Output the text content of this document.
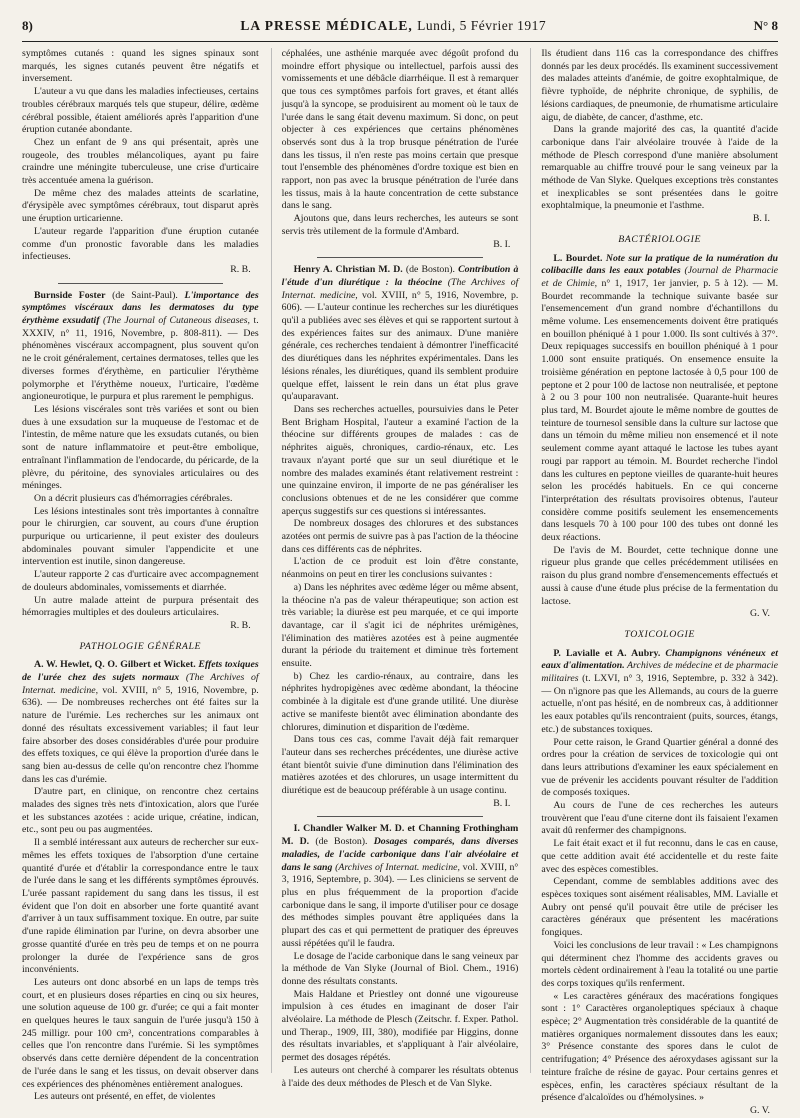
8)	LA PRESSE MÉDICALE, Lundi, 5 Février 1917	N° 8

symptômes cutanés : quand les signes spinaux sont marqués, les signes cutanés peuvent être négatifs et inversement.

L'auteur a vu que dans les maladies infectieuses, certains troubles cérébraux marqués tels que stupeur, délire, œdème cérébral possible, étaient améliorés après l'apparition d'une éruption cutanée abondante.

Chez un enfant de 9 ans qui présentait, après une rougeole, des troubles mélancoliques, ayant pu faire craindre une méningite tuberculeuse, une crise d'urticaire très accentuée amena la guérison.

De même chez des malades atteints de scarlatine, d'érysipèle avec symptômes cérébraux, tout disparut après une éruption urticarienne.

L'auteur regarde l'apparition d'une éruption cutanée comme d'un pronostic favorable dans les maladies infectieuses.

R. B.

Burnside Foster (de Saint-Paul). L'importance des symptômes viscéraux dans les dermatoses du type érythème exsudatif (The Journal of Cutaneous diseases, t. XXXIV, n° 11, 1916, Novembre, p. 808-811). — Des phénomènes viscéraux accompagnent, plus souvent qu'on ne le croit généralement, certaines dermatoses, telles que les diverses formes d'érythème, en particulier l'érythème polymorphe et l'érythème noueux, l'urticaire, l'œdème angioneurotique, le purpura et plus rarement le pemphigus.

Les lésions viscérales sont très variées et sont ou bien dues à une exsudation sur la muqueuse de l'estomac et de l'intestin, de même nature que les exsudats cutanés, ou bien sont de nature inflammatoire et peut-être embolique, entraînant l'inflammation de l'endocarde, du péricarde, de la plèvre, du péritoine, des synoviales articulaires ou des méninges.

On a décrit plusieurs cas d'hémorragies cérébrales.

Les lésions intestinales sont très importantes à connaître pour le chirurgien, car souvent, au cours d'une éruption purpurique ou urticarienne, il peut exister des douleurs abdominales pouvant simuler l'appendicite et une intervention est inutile, sinon dangereuse.

L'auteur rapporte 2 cas d'urticaire avec accompagnement de douleurs abdominales, vomissements et diarrhée.

Un autre malade atteint de purpura présentait des hémorragies multiples et des douleurs articulaires.

R. B.
PATHOLOGIE GÉNÉRALE

A. W. Hewlet, Q. O. Gilbert et Wicket. Effets toxiques de l'urée chez des sujets normaux (The Archives of Internat. medicine, vol. XVIII, n° 5, 1916, Novembre, p. 636). — De nombreuses recherches ont été faites sur la nature de l'urémie. Les recherches sur les animaux ont donné des résultats excessivement variables; il faut leur faire absorber des doses considérables d'urée pour produire des effets toxiques, ce qui élève la proportion d'urée dans le sang bien au-dessus de celle qu'on rencontre chez l'homme dans les cas d'urémie.

D'autre part, en clinique, on rencontre chez certains malades des signes très nets d'intoxication, alors que l'urée et les substances azotées : acide urique, créatine, indican, etc., sont peu ou pas augmentées.

Il a semblé intéressant aux auteurs de rechercher sur eux-mêmes les effets toxiques de l'absorption d'une certaine quantité d'urée et d'établir la correspondance entre le taux de l'urée dans le sang et les différents symptômes éprouvés. L'urée passant rapidement du sang dans les tissus, il est évident que l'on doit en absorber une forte quantité avant d'arriver à un taux suffisamment toxique. En outre, par suite d'une rapide élimination par l'urine, on devra absorber une grosse quantité d'urée en très peu de temps et on ne pourra prolonger la durée de l'expérience sans de gros inconvénients.

Les auteurs ont donc absorbé en un laps de temps très court, et en plusieurs doses réparties en cinq ou six heures, une solution aqueuse de 100 gr. d'urée; ce qui a fait monter en quelques heures le taux sanguin de l'urée jusqu'à 150 à 245 milligr. pour 100 cm³, concentrations comparables à celles que l'on rencontre dans l'urémie. Si les symptômes observés dans cette dernière dépendent de la concentration de l'urée dans le sang et les tissus, on devait observer dans ces expériences des phénomènes entièrement analogues.

Les auteurs ont présenté, en effet, de violentes

céphalées, une asthénie marquée avec dégoût profond du moindre effort physique ou intellectuel, parfois aussi des vomissements et une débâcle diarrhéique. Il est à remarquer que tous ces symptômes parfois fort graves, et étant allés jusqu'à la syncope, se produisirent au moment où le taux de l'urée dans le sang était devenu maximum. Si donc, on peut objecter à ces expériences que certains phénomènes observés sont dus à la trop brusque pénétration de l'urée dans les tissus, il n'en reste pas moins certain que presque tout l'ensemble des phénomènes d'ordre toxique est bien en rapport, non pas avec la brusque pénétration de l'urée dans les tissus, mais à la haute concentration de cette substance dans le sang.

Ajoutons que, dans leurs recherches, les auteurs se sont servis très utilement de la formule d'Ambard.

B. I.

Henry A. Christian M. D. (de Boston). Contribution à l'étude d'un diurétique : la théocine (The Archives of Internat. medicine, vol. XVIII, n° 5, 1916, Novembre, p. 606). — L'auteur continue les recherches sur les diurétiques qu'il a publiées avec ses élèves et qui se rapportent surtout à des expériences faites sur des animaux. D'une manière générale, ces recherches tendaient à démontrer l'inefficacité des diurétiques dans les néphrites expérimentales. Dans les lésions rénales, les diurétiques, quand ils semblent produire quelque effet, laissent le rein dans un état plus grave qu'auparavant.

Dans ses recherches actuelles, poursuivies dans le Peter Bent Brigham Hospital, l'auteur a examiné l'action de la théocine sur différents groupes de malades : cas de néphrites aiguës, chroniques, cardio-rénaux, etc. Les travaux n'ayant porté que sur un seul diurétique et le nombre des malades examinés étant relativement restreint : une quinzaine environ, il importe de ne pas généraliser les conclusions obtenues et de ne les considérer que comme aperçus suggestifs sur ces questions si intéressantes.

De nombreux dosages des chlorures et des substances azotées ont permis de suivre pas à pas l'action de la théocine dans ces différents cas de néphrites.

L'action de ce produit est loin d'être constante, néanmoins on peut en tirer les conclusions suivantes :

a) Dans les néphrites avec œdème léger ou même absent, la théocine n'a pas de valeur thérapeutique; son action est très variable; la diurèse est peu marquée, et ce qui importe davantage, car il s'agit ici de néphrites urémigènes, l'élimination des matières azotées est à peine augmentée durant la période du traitement et diminue très fortement ensuite.

b) Chez les cardio-rénaux, au contraire, dans les néphrites hydropigènes avec œdème abondant, la théocine combinée à la digitale est d'une grande utilité. Une diurèse active se manifeste bientôt avec élimination abondante des chlorures, diminution et disparition de l'œdème.

Dans tous ces cas, comme l'avait déjà fait remarquer l'auteur dans ses recherches précédentes, une diurèse active étant bientôt suivie d'une diminution dans l'élimination des matières azotées et des chlorures, un usage intermittent du diurétique est de beaucoup préférable à un usage continu.

B. I.

I. Chandler Walker M. D. et Channing Frothingham M. D. (de Boston). Dosages comparés, dans diverses maladies, de l'acide carbonique dans l'air alvéolaire et dans le sang (Archives of Internat. medicine, vol. XVIII, n° 3, 1916, Septembre, p. 304). — Les cliniciens se servent de plus en plus fréquemment de la proportion d'acide carbonique dans le sang, il importe d'utiliser pour ce dosage des méthodes simples pouvant être appliquées dans la plupart des cas et qui permettent de pratiquer des épreuves aussi répétées qu'il le faudra.

Le dosage de l'acide carbonique dans le sang veineux par la méthode de Van Slyke (Journal of Biol. Chem., 1916) donne des résultats constants.

Mais Haldane et Priestley ont donné une vigoureuse impulsion à ces études en imaginant de doser l'air alvéolaire. La méthode de Plesch (Zeitschr. f. Exper. Pathol. und Therap., 1909, III, 380), modifiée par Higgins, donne des résultats invariables, et s'appliquant à l'air alvéolaire, permet des dosages répétés.

Les auteurs ont cherché à comparer les résultats obtenus à l'aide des deux méthodes de Plesch et de Van Slyke.

Ils étudient dans 116 cas la correspondance des chiffres donnés par les deux procédés. Ils examinent successivement des malades atteints d'anémie, de goitre exophtalmique, de fièvre typhoïde, de néphrite chronique, de syphilis, de lésions cardiaques, de pneumonie, de rhumatisme articulaire aigu, de diabète, de cancer, d'asthme, etc.

Dans la grande majorité des cas, la quantité d'acide carbonique dans l'air alvéolaire trouvée à l'aide de la méthode de Plesch correspond d'une manière absolument remarquable au chiffre trouvé pour le sang veineux par la méthode de Van Slyke. Quelques exceptions très constantes et inexplicables se sont présentées dans le goitre exophtalmique, la pneumonie et l'asthme.

B. I.
BACTÉRIOLOGIE

L. Bourdet. Note sur la pratique de la numération du colibacille dans les eaux potables (Journal de Pharmacie et de Chimie, n° 1, 1917, 1er janvier, p. 5 à 12). — M. Bourdet recommande la technique suivante basée sur l'ensemencement d'un grand nombre d'échantillons du même volume. Les ensemencements doivent être pratiqués en bouillon phéniqué à 1 pour 1.000. Ils sont cultivés à 37°. Deux repiquages successifs en bouillon phéniqué à 1 pour 1.000 sont ensuite pratiqués. On ensemence ensuite la troisième génération en peptone lactosée à 0,5 pour 100 de peptone et 2 pour 100 de lactose non neutralisée, et peptone à 2 ou 3 pour 100 non neutralisée. Quarante-huit heures plus tard, M. Bourdet ajoute le même nombre de gouttes de teinture de tournesol sensible dans la culture sur lactose que dans un témoin du même milieu non ensemencé et il note seulement comme ayant attaqué le lactose les tubes ayant rougi par rapport au témoin. M. Bourdet recherche l'indol dans les cultures en peptone vieilles de quarante-huit heures selon les procédés habituels. En ce qui concerne l'interprétation des résultats provisoires obtenus, l'auteur considère comme positifs seulement les ensemencements dans lesquels 70 à 100 pour 100 des tubes ont donné les deux réactions.

De l'avis de M. Bourdet, cette technique donne une rigueur plus grande que celles précédemment utilisées en raison du plus grand nombre d'ensemencements effectués et aussi à cause d'une étude plus précise de la fermentation du lactose.

G. V.
TOXICOLOGIE

P. Lavialle et A. Aubry. Champignons vénéneux et eaux d'alimentation. Archives de médecine et de pharmacie militaires (t. LXVI, n° 3, 1916, Septembre, p. 332 à 342). — On n'ignore pas que les Allemands, au cours de la guerre actuelle, n'ont pas hésité, en de nombreux cas, à additionner les eaux potables qu'ils rencontraient (puits, sources, étangs, etc.) de substances toxiques.

Pour cette raison, le Grand Quartier général a donné des ordres pour la création de services de toxicologie qui ont dans leurs attributions d'examiner les eaux spécialement en vue de prévenir les accidents pouvant résulter de l'addition de composés toxiques.

Au cours de l'une de ces recherches les auteurs trouvèrent que l'eau d'une citerne dont ils faisaient l'examen avait dû renfermer des champignons.

Le fait était exact et il fut reconnu, dans le cas en cause, que cette addition avait été accidentelle et du reste faite avec des espèces comestibles.

Cependant, comme de semblables additions avec des espèces toxiques sont aisément réalisables, MM. Lavialle et Aubry ont pensé qu'il pouvait être utile de préciser les caractères généraux que présentent les macérations fongiques.

Voici les conclusions de leur travail : « Les champignons qui déterminent chez l'homme des accidents graves ou mortels cèdent ordinairement à l'eau la totalité ou une partie des corps toxiques qu'ils renferment.

« Les caractères généraux des macérations fongiques sont : 1° Caractères organoleptiques spéciaux à chaque espèce; 2° Augmentation très considérable de la quantité de matières organiques normalement dissoutes dans les eaux; 3° Présence constante des spores dans le culot de centrifugation; 4° Présence des aéroxydases agissant sur la teinture fraîche de résine de gayac. Pour certains genres et espèces, enfin, les caractères spéciaux résultant de la présence d'alcaloïdes ou d'hémolysines. »

G. V.
